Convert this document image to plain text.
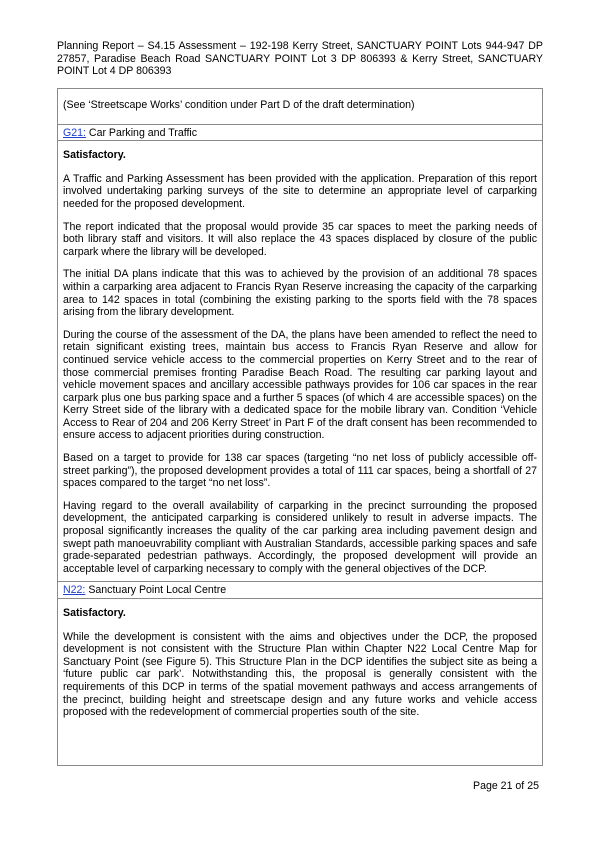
Planning Report – S4.15 Assessment – 192-198 Kerry Street, SANCTUARY POINT Lots 944-947 DP 27857, Paradise Beach Road SANCTUARY POINT Lot 3 DP 806393 & Kerry Street, SANCTUARY POINT Lot 4 DP 806393
(See ‘Streetscape Works’ condition under Part D of the draft determination)
G21: Car Parking and Traffic

Satisfactory.

A Traffic and Parking Assessment has been provided with the application. Preparation of this report involved undertaking parking surveys of the site to determine an appropriate level of carparking needed for the proposed development.

The report indicated that the proposal would provide 35 car spaces to meet the parking needs of both library staff and visitors. It will also replace the 43 spaces displaced by closure of the public carpark where the library will be developed.

The initial DA plans indicate that this was to achieved by the provision of an additional 78 spaces within a carparking area adjacent to Francis Ryan Reserve increasing the capacity of the carparking area to 142 spaces in total (combining the existing parking to the sports field with the 78 spaces arising from the library development.

During the course of the assessment of the DA, the plans have been amended to reflect the need to retain significant existing trees, maintain bus access to Francis Ryan Reserve and allow for continued service vehicle access to the commercial properties on Kerry Street and to the rear of those commercial premises fronting Paradise Beach Road. The resulting car parking layout and vehicle movement spaces and ancillary accessible pathways provides for 106 car spaces in the rear carpark plus one bus parking space and a further 5 spaces (of which 4 are accessible spaces) on the Kerry Street side of the library with a dedicated space for the mobile library van. Condition ‘Vehicle Access to Rear of 204 and 206 Kerry Street’ in Part F of the draft consent has been recommended to ensure access to adjacent priorities during construction.

Based on a target to provide for 138 car spaces (targeting “no net loss of publicly accessible off-street parking”), the proposed development provides a total of 111 car spaces, being a shortfall of 27 spaces compared to the target “no net loss”.

Having regard to the overall availability of carparking in the precinct surrounding the proposed development, the anticipated carparking is considered unlikely to result in adverse impacts. The proposal significantly increases the quality of the car parking area including pavement design and swept path manoeuvrability compliant with Australian Standards, accessible parking spaces and safe grade-separated pedestrian pathways. Accordingly, the proposed development will provide an acceptable level of carparking necessary to comply with the general objectives of the DCP.

N22: Sanctuary Point Local Centre

Satisfactory.

While the development is consistent with the aims and objectives under the DCP, the proposed development is not consistent with the Structure Plan within Chapter N22 Local Centre Map for Sanctuary Point (see Figure 5). This Structure Plan in the DCP identifies the subject site as being a ‘future public car park’. Notwithstanding this, the proposal is generally consistent with the requirements of this DCP in terms of the spatial movement pathways and access arrangements of the precinct, building height and streetscape design and any future works and vehicle access proposed with the redevelopment of commercial properties south of the site.

Page 21 of 25
